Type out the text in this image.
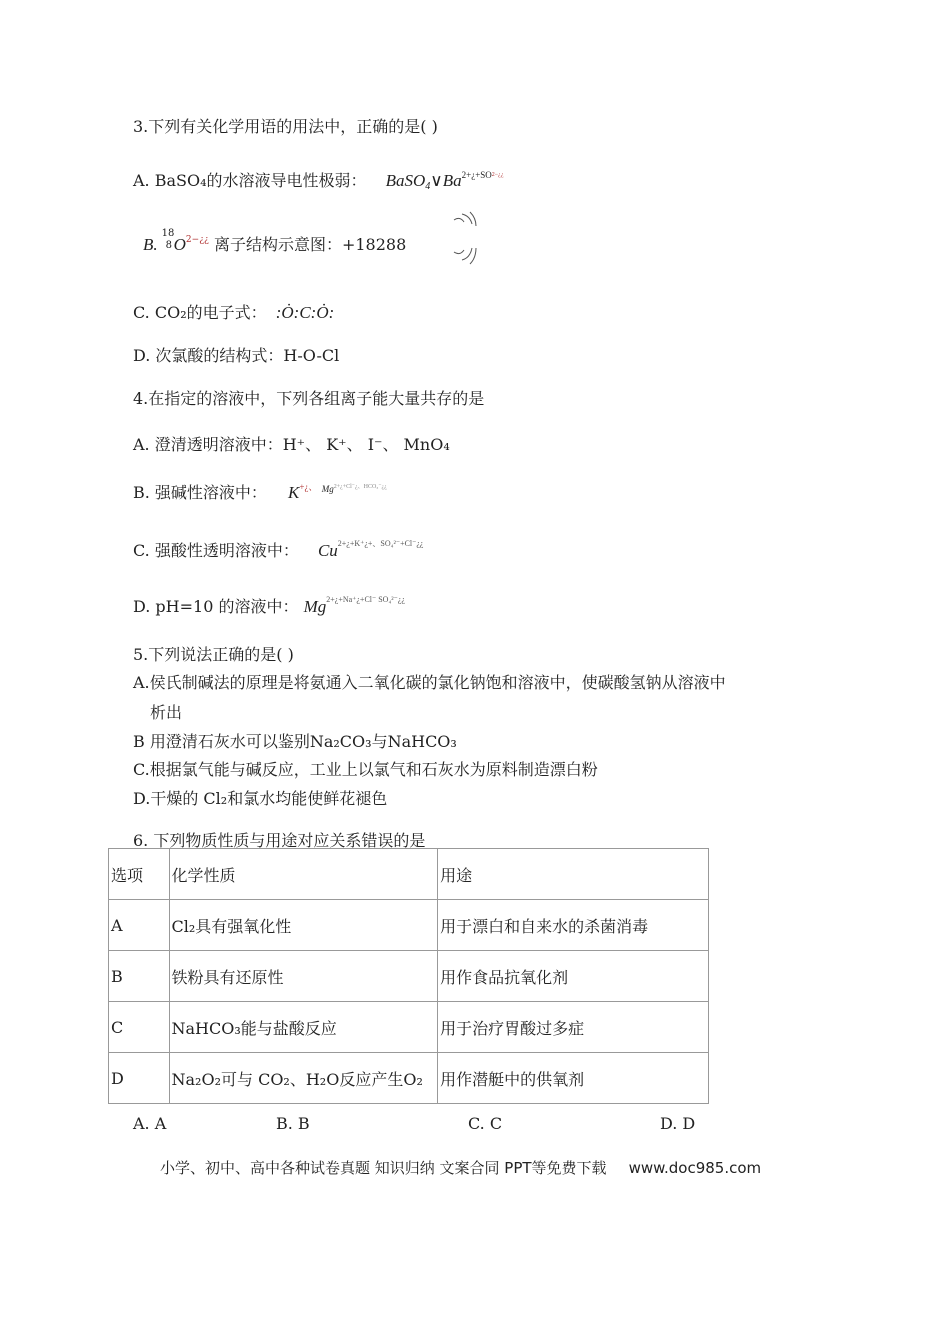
3.下列有关化学用语的用法中，正确的是( )
A. BaSO₄的水溶液导电性极弱： $BaSO_4\vee Ba^{2+¿+SO2-¿¿}$
B.
18
8 $O^{2-¿¿}$ 离子结构示意图：+18288
C. CO₂的电子式： :Ȯ:C:Ȯ:
D. 次氯酸的结构式：H-O-Cl
4.在指定的溶液中，下列各组离子能大量共存的是
A. 澄清透明溶液中：H⁺、 K⁺、 I⁻、 MnO₄
B. 强碱性溶液中： K+¿、 $^{Mg2+¿+Cl^-¿、HCO_3^-¿¿}$
C. 强酸性透明溶液中： $Cu^{2+¿+K^+¿+、SO_4^{2-}+Cl^-¿¿}$
D. pH=10 的溶液中： $Mg^{2+¿+Na^+¿+Cl^- SO_4^{2-}¿¿}$
5.下列说法正确的是( )
A.侯氏制碱法的原理是将氨通入二氧化碳的氯化钠饱和溶液中，使碳酸氢钠从溶液中
析出
B 用澄清石灰水可以鉴别Na₂CO₃与NaHCO₃
C.根据氯气能与碱反应，工业上以氯气和石灰水为原料制造漂白粉
D.干燥的 Cl₂和氯水均能使鲜花褪色
6. 下列物质性质与用途对应关系错误的是
选项	化学性质	用途
A	Cl₂具有强氧化性	用于漂白和自来水的杀菌消毒
B	铁粉具有还原性	用作食品抗氧化剂
C	NaHCO₃能与盐酸反应	用于治疗胃酸过多症
D	Na₂O₂可与 CO₂、H₂O反应产生O₂	用作潜艇中的供氧剂
A. A	B. B	C. C	D. D
小学、初中、高中各种试卷真题 知识归纳 文案合同 PPT等免费下载 www.doc985.com
